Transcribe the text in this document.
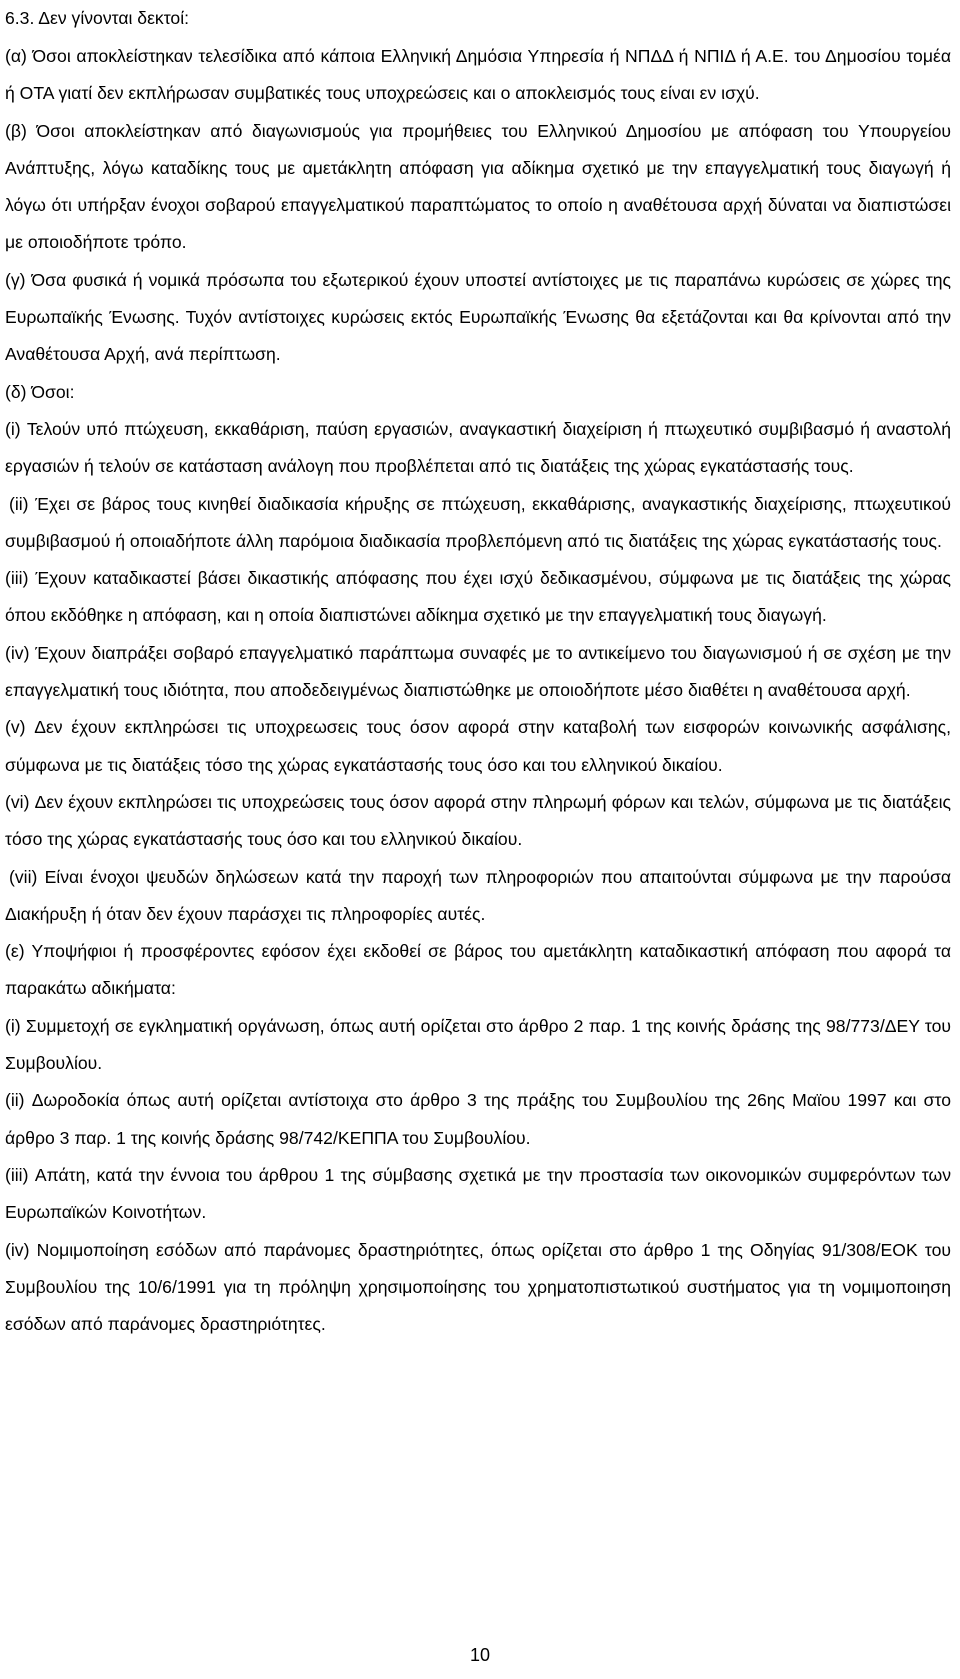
6.3. Δεν γίνονται δεκτοί:

(α) Όσοι αποκλείστηκαν τελεσίδικα από κάποια Ελληνική Δημόσια Υπηρεσία ή ΝΠΔΔ ή ΝΠΙΔ ή Α.Ε. του Δημοσίου τομέα ή ΟΤΑ γιατί δεν εκπλήρωσαν συμβατικές τους υποχρεώσεις και ο αποκλεισμός τους είναι εν ισχύ.

(β) Όσοι αποκλείστηκαν από διαγωνισμούς για προμήθειες του Ελληνικού Δημοσίου με απόφαση του Υπουργείου Ανάπτυξης, λόγω καταδίκης τους με αμετάκλητη απόφαση για αδίκημα σχετικό με την επαγγελματική τους διαγωγή ή λόγω ότι υπήρξαν ένοχοι σοβαρού επαγγελματικού παραπτώματος το οποίο η αναθέτουσα αρχή δύναται να διαπιστώσει με οποιοδήποτε τρόπο.

(γ) Όσα φυσικά ή νομικά πρόσωπα του εξωτερικού έχουν υποστεί αντίστοιχες με τις παραπάνω κυρώσεις σε χώρες της Ευρωπαϊκής Ένωσης. Τυχόν αντίστοιχες κυρώσεις εκτός Ευρωπαϊκής Ένωσης θα εξετάζονται και θα κρίνονται από την Αναθέτουσα Αρχή, ανά περίπτωση.

(δ) Όσοι:

(i) Τελούν υπό πτώχευση, εκκαθάριση, παύση εργασιών, αναγκαστική διαχείριση ή πτωχευτικό συμβιβασμό ή αναστολή εργασιών ή τελούν σε κατάσταση ανάλογη που προβλέπεται από τις διατάξεις της χώρας εγκατάστασής τους.

(ii) Έχει σε βάρος τους κινηθεί διαδικασία κήρυξης σε πτώχευση, εκκαθάρισης, αναγκαστικής διαχείρισης, πτωχευτικού συμβιβασμού ή οποιαδήποτε άλλη παρόμοια διαδικασία προβλεπόμενη από τις διατάξεις της χώρας εγκατάστασής τους.

(iii) Έχουν καταδικαστεί βάσει δικαστικής απόφασης που έχει ισχύ δεδικασμένου, σύμφωνα με τις διατάξεις της χώρας όπου εκδόθηκε η απόφαση, και η οποία διαπιστώνει αδίκημα σχετικό με την επαγγελματική τους διαγωγή.

(iv) Έχουν διαπράξει σοβαρό επαγγελματικό παράπτωμα συναφές με το αντικείμενο του διαγωνισμού ή σε σχέση με την επαγγελματική τους ιδιότητα, που αποδεδειγμένως διαπιστώθηκε με οποιοδήποτε μέσο διαθέτει η αναθέτουσα αρχή.

(v) Δεν έχουν εκπληρώσει τις υποχρεωσεις τους όσον αφορά στην καταβολή των εισφορών κοινωνικής ασφάλισης, σύμφωνα με τις διατάξεις τόσο της χώρας εγκατάστασής τους όσο και του ελληνικού δικαίου.

(vi) Δεν έχουν εκπληρώσει τις υποχρεώσεις τους όσον αφορά στην πληρωμή φόρων και τελών, σύμφωνα με τις διατάξεις τόσο της χώρας εγκατάστασής τους όσο και του ελληνικού δικαίου.

(vii) Είναι ένοχοι ψευδών δηλώσεων κατά την παροχή των πληροφοριών που απαιτούνται σύμφωνα με την παρούσα Διακήρυξη ή όταν δεν έχουν παράσχει τις πληροφορίες αυτές.

(ε) Υποψήφιοι ή προσφέροντες εφόσον έχει εκδοθεί σε βάρος του αμετάκλητη καταδικαστική απόφαση που αφορά τα παρακάτω αδικήματα:

(i) Συμμετοχή σε εγκληματική οργάνωση, όπως αυτή ορίζεται στο άρθρο 2 παρ. 1 της κοινής δράσης της 98/773/ΔΕΥ του Συμβουλίου.

(ii) Δωροδοκία όπως αυτή ορίζεται αντίστοιχα στο άρθρο 3 της πράξης του Συμβουλίου της 26ης Μαϊου 1997 και στο άρθρο 3 παρ. 1 της κοινής δράσης 98/742/ΚΕΠΠΑ του Συμβουλίου.

(iii) Απάτη, κατά την έννοια του άρθρου 1 της σύμβασης σχετικά με την προστασία των οικονομικών συμφερόντων των Ευρωπαϊκών Κοινοτήτων.

(iv) Νομιμοποίηση εσόδων από παράνομες δραστηριότητες, όπως ορίζεται στο άρθρο 1 της Οδηγίας 91/308/ΕΟΚ του Συμβουλίου της 10/6/1991 για τη πρόληψη χρησιμοποίησης του χρηματοπιστωτικού συστήματος για τη νομιμοποιηση εσόδων από παράνομες δραστηριότητες.

10
